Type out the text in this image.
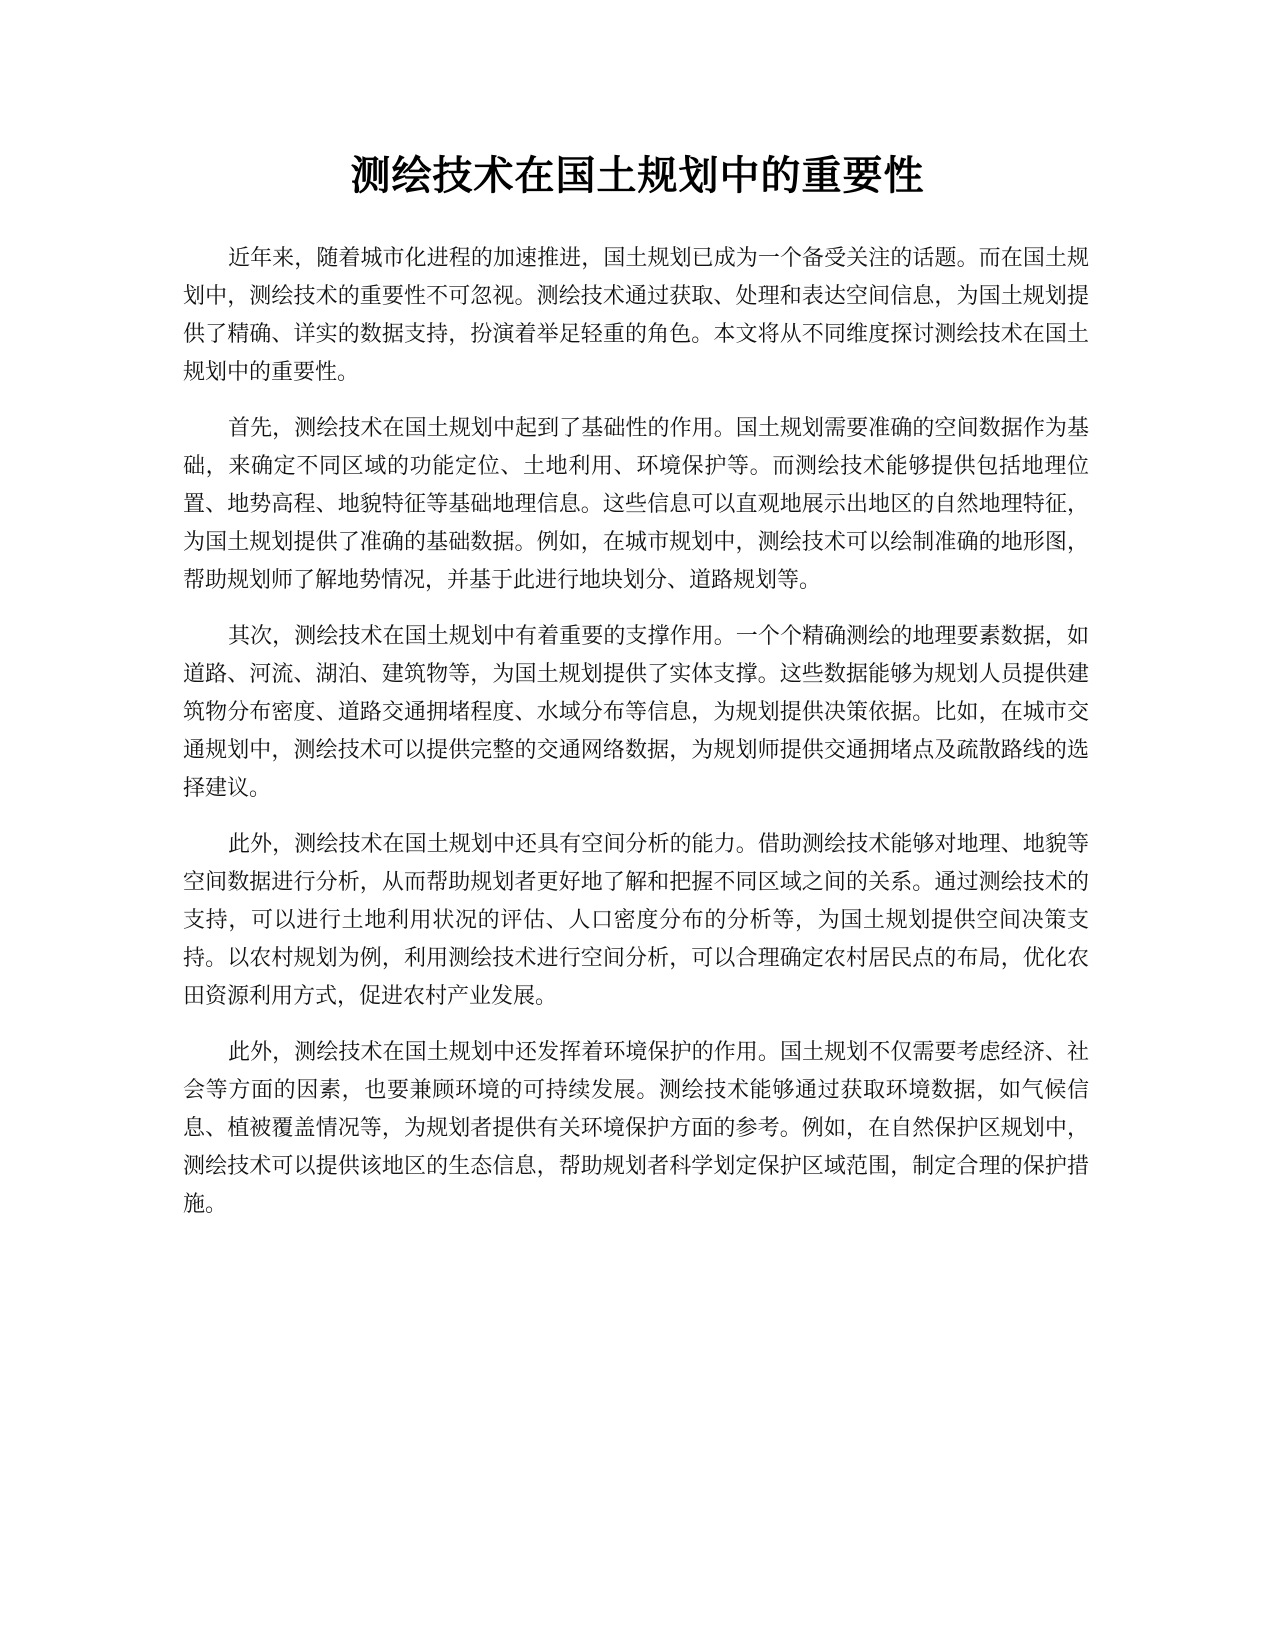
测绘技术在国土规划中的重要性

近年来，随着城市化进程的加速推进，国土规划已成为一个备受关注的话题。而在国土规划中，测绘技术的重要性不可忽视。测绘技术通过获取、处理和表达空间信息，为国土规划提供了精确、详实的数据支持，扮演着举足轻重的角色。本文将从不同维度探讨测绘技术在国土规划中的重要性。

首先，测绘技术在国土规划中起到了基础性的作用。国土规划需要准确的空间数据作为基础，来确定不同区域的功能定位、土地利用、环境保护等。而测绘技术能够提供包括地理位置、地势高程、地貌特征等基础地理信息。这些信息可以直观地展示出地区的自然地理特征，为国土规划提供了准确的基础数据。例如，在城市规划中，测绘技术可以绘制准确的地形图，帮助规划师了解地势情况，并基于此进行地块划分、道路规划等。

其次，测绘技术在国土规划中有着重要的支撑作用。一个个精确测绘的地理要素数据，如道路、河流、湖泊、建筑物等，为国土规划提供了实体支撑。这些数据能够为规划人员提供建筑物分布密度、道路交通拥堵程度、水域分布等信息，为规划提供决策依据。比如，在城市交通规划中，测绘技术可以提供完整的交通网络数据，为规划师提供交通拥堵点及疏散路线的选择建议。

此外，测绘技术在国土规划中还具有空间分析的能力。借助测绘技术能够对地理、地貌等空间数据进行分析，从而帮助规划者更好地了解和把握不同区域之间的关系。通过测绘技术的支持，可以进行土地利用状况的评估、人口密度分布的分析等，为国土规划提供空间决策支持。以农村规划为例，利用测绘技术进行空间分析，可以合理确定农村居民点的布局，优化农田资源利用方式，促进农村产业发展。

此外，测绘技术在国土规划中还发挥着环境保护的作用。国土规划不仅需要考虑经济、社会等方面的因素，也要兼顾环境的可持续发展。测绘技术能够通过获取环境数据，如气候信息、植被覆盖情况等，为规划者提供有关环境保护方面的参考。例如，在自然保护区规划中，测绘技术可以提供该地区的生态信息，帮助规划者科学划定保护区域范围，制定合理的保护措施。
